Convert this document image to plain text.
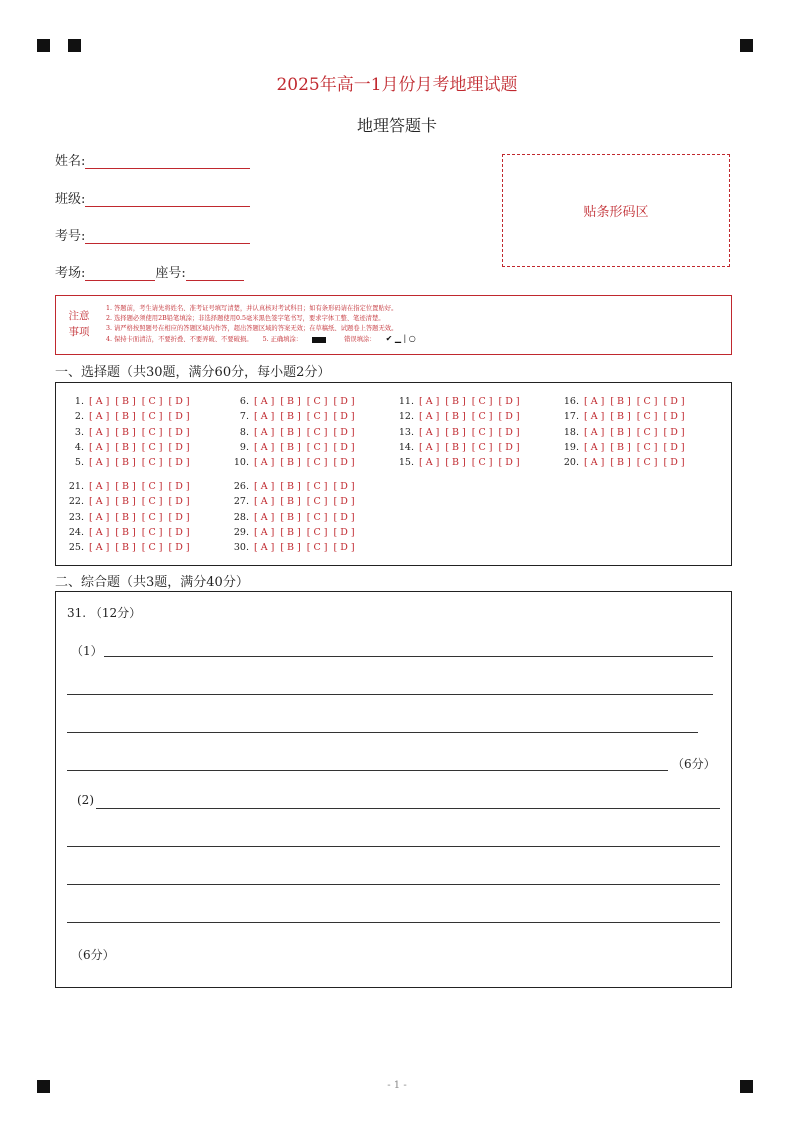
2025年高一1月份月考地理试题
地理答题卡
姓名:
班级:
考号:
考场:	座号:
贴条形码区
注意
事项
1. 答题前，考生请先将姓名、准考证号填写清楚，并认真核对考试科目；如有条形码请在指定位置贴好。
2. 选择题必须使用2B铅笔填涂；非选择题使用0.5毫米黑色签字笔书写，要求字体工整、笔迹清楚。
3. 请严格按照题号在相应的答题区域内作答，超出答题区域的答案无效；在草稿纸、试题卷上答题无效。
4. 保持卡面清洁，不要折叠、不要弄破、不要破损。 5. 正确填涂：	错误填涂： ✔ ▁ | ○
一、选择题（共30题，满分60分，每小题2分）
1. [ A ] [ B ] [ C ] [ D ]
2. [ A ] [ B ] [ C ] [ D ]
3. [ A ] [ B ] [ C ] [ D ]
4. [ A ] [ B ] [ C ] [ D ]
5. [ A ] [ B ] [ C ] [ D ]
6. [ A ] [ B ] [ C ] [ D ]
7. [ A ] [ B ] [ C ] [ D ]
8. [ A ] [ B ] [ C ] [ D ]
9. [ A ] [ B ] [ C ] [ D ]
10. [ A ] [ B ] [ C ] [ D ]
11. [ A ] [ B ] [ C ] [ D ]
12. [ A ] [ B ] [ C ] [ D ]
13. [ A ] [ B ] [ C ] [ D ]
14. [ A ] [ B ] [ C ] [ D ]
15. [ A ] [ B ] [ C ] [ D ]
16. [ A ] [ B ] [ C ] [ D ]
17. [ A ] [ B ] [ C ] [ D ]
18. [ A ] [ B ] [ C ] [ D ]
19. [ A ] [ B ] [ C ] [ D ]
20. [ A ] [ B ] [ C ] [ D ]
21. [ A ] [ B ] [ C ] [ D ]
22. [ A ] [ B ] [ C ] [ D ]
23. [ A ] [ B ] [ C ] [ D ]
24. [ A ] [ B ] [ C ] [ D ]
25. [ A ] [ B ] [ C ] [ D ]
26. [ A ] [ B ] [ C ] [ D ]
27. [ A ] [ B ] [ C ] [ D ]
28. [ A ] [ B ] [ C ] [ D ]
29. [ A ] [ B ] [ C ] [ D ]
30. [ A ] [ B ] [ C ] [ D ]
二、综合题（共3题，满分40分）
31. （12分）
（1）
（6分）
(2)
（6分）
- 1 -
